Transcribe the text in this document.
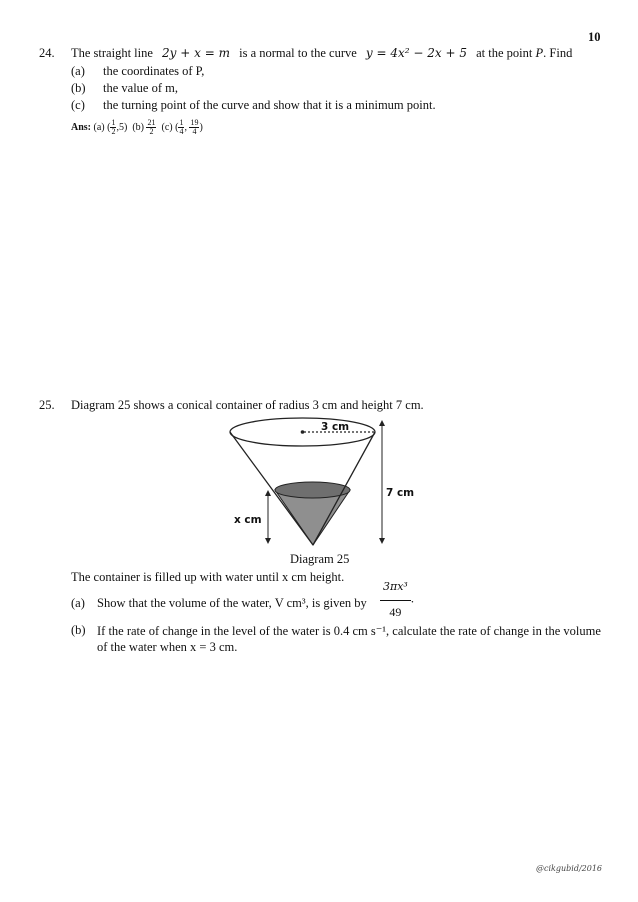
10
24. The straight line 2y + x = m is a normal to the curve y = 4x² − 2x + 5 at the point P. Find
(a) the coordinates of P,
(b) the value of m,
(c) the turning point of the curve and show that it is a minimum point.
Ans: (a) ( $\frac{1}{2} ,5$) $(b) \frac{21}{2} (c)$ ( $\frac{1}{4}$ , $\frac{19}{4}$ )
25. Diagram 25 shows a conical container of radius 3 cm and height 7 cm.
3 cm
7 cm
x cm
Diagram 25
The container is filled up with water until x cm height.
(a) Show that the volume of the water, V cm³, is given by $\frac{\text{3πx³}}{49}$ .
(b) If the rate of change in the level of the water is 0.4 cm s⁻¹, calculate the rate of change in the volume
of the water when x = 3 cm.
@cikgubid/2016
